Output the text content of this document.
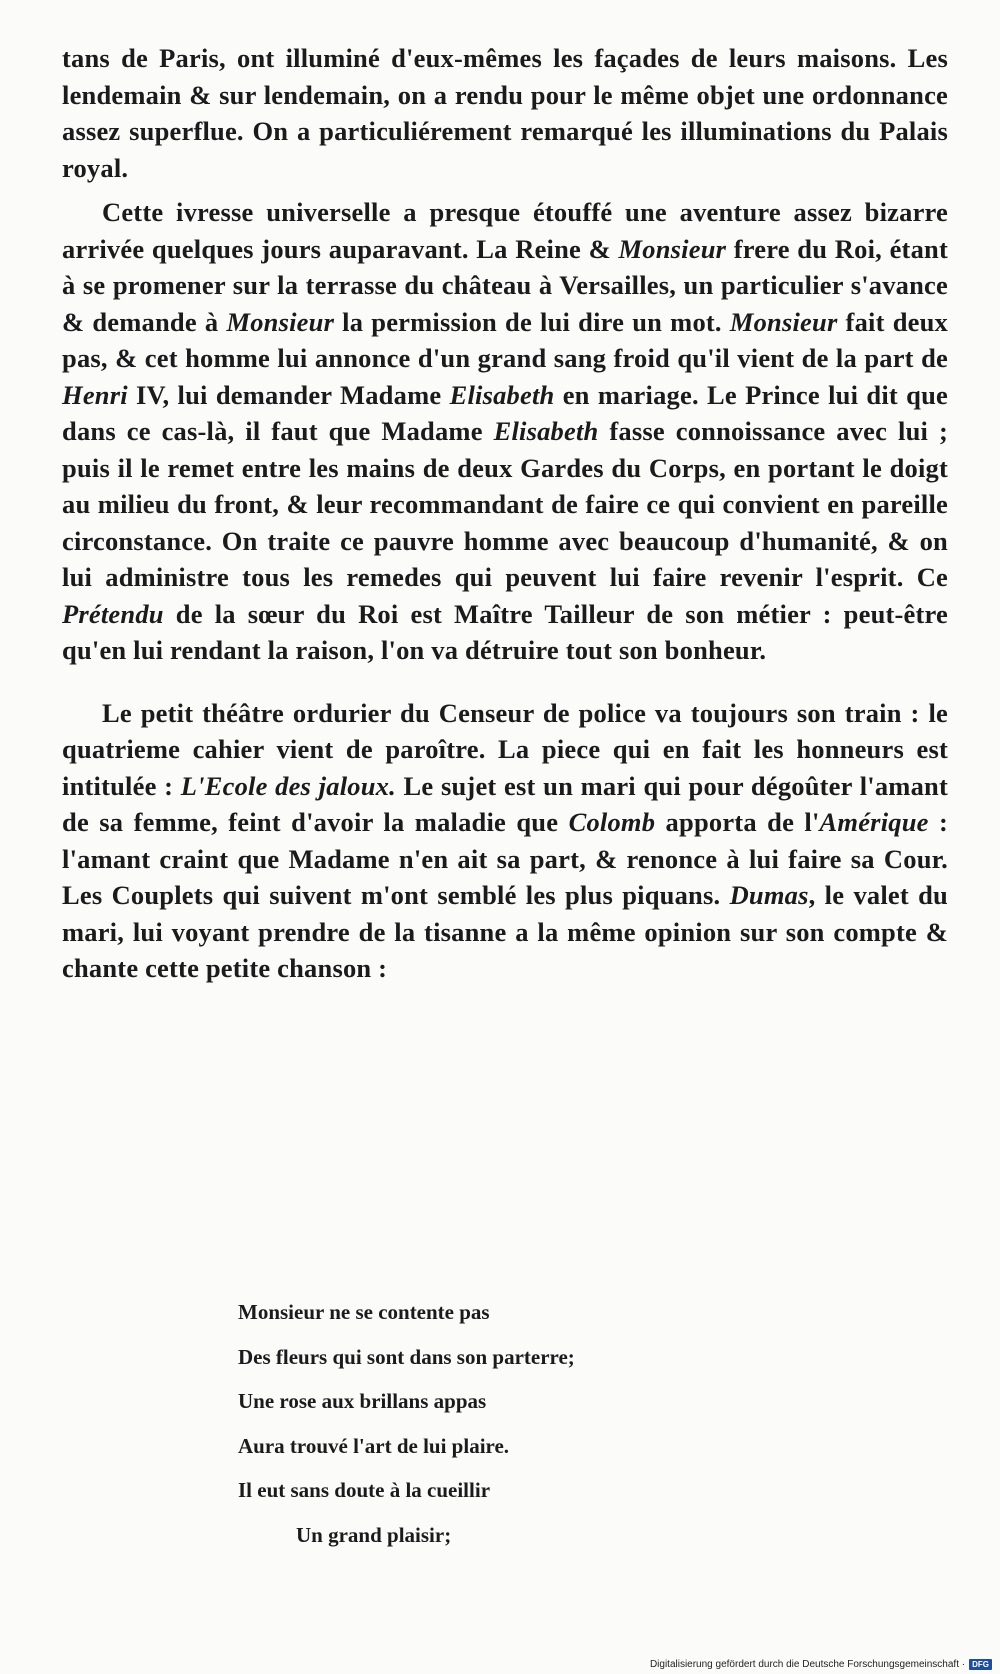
tans de Paris, ont illuminé d'eux-mêmes les façades de leurs maisons. Les lendemain & sur lendemain, on a rendu pour le même objet une ordonnance assez superflue. On a particuliérement remarqué les illuminations du Palais royal.

Cette ivresse universelle a presque étouffé une aventure assez bizarre arrivée quelques jours auparavant. La Reine & Monsieur frere du Roi, étant à se promener sur la terrasse du château à Versailles, un particulier s'avance & demande à Monsieur la permission de lui dire un mot. Monsieur fait deux pas, & cet homme lui annonce d'un grand sang froid qu'il vient de la part de Henri IV, lui demander Madame Elisabeth en mariage. Le Prince lui dit que dans ce cas-là, il faut que Madame Elisabeth fasse connoissance avec lui ; puis il le remet entre les mains de deux Gardes du Corps, en portant le doigt au milieu du front, & leur recommandant de faire ce qui convient en pareille circonstance. On traite ce pauvre homme avec beaucoup d'humanité, & on lui administre tous les remedes qui peuvent lui faire revenir l'esprit. Ce Prétendu de la sœur du Roi est Maître Tailleur de son métier : peut-être qu'en lui rendant la raison, l'on va détruire tout son bonheur.

Le petit théâtre ordurier du Censeur de police va toujours son train : le quatrieme cahier vient de paroître. La piece qui en fait les honneurs est intitulée : L'Ecole des jaloux. Le sujet est un mari qui pour dégoûter l'amant de sa femme, feint d'avoir la maladie que Colomb apporta de l'Amérique : l'amant craint que Madame n'en ait sa part, & renonce à lui faire sa Cour. Les Couplets qui suivent m'ont semblé les plus piquans. Dumas, le valet du mari, lui voyant prendre de la tisanne a la même opinion sur son compte & chante cette petite chanson :

Monsieur ne se contente pas
Des fleurs qui sont dans son parterre;
Une rose aux brillans appas
Aura trouvé l'art de lui plaire.
Il eut sans doute à la cueillir
Un grand plaisir;
Digitalisierung gefördert durch die Deutsche Forschungsgemeinschaft · DFG
